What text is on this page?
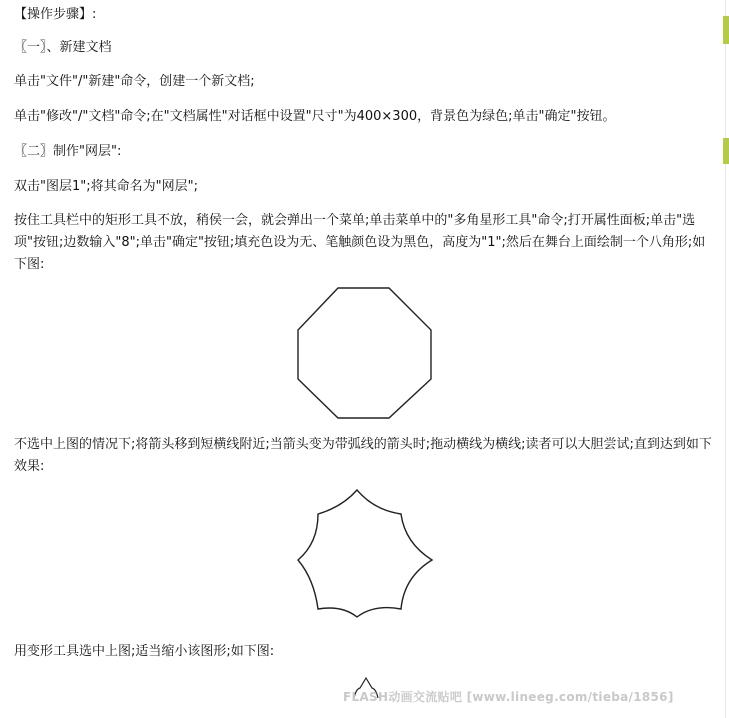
【操作步骤】:

〖一〗、新建文档

单击"文件"/"新建"命令，创建一个新文档;

单击"修改"/"文档"命令;在"文档属性"对话框中设置"尺寸"为400×300，背景色为绿色;单击"确定"按钮。

〖二〗制作"网层":

双击"图层1";将其命名为"网层";

按住工具栏中的矩形工具不放，稍侯一会，就会弹出一个菜单;单击菜单中的"多角星形工具"命令;打开属性面板;单击"选项"按钮;边数输入"8";单击"确定"按钮;填充色设为无、笔触颜色设为黑色，高度为"1";然后在舞台上面绘制一个八角形;如下图:

不选中上图的情况下;将箭头移到短横线附近;当箭头变为带弧线的箭头时;拖动横线为横线;读者可以大胆尝试;直到达到如下效果:

用变形工具选中上图;适当缩小该图形;如下图:

FLASH动画交流贴吧 [www.lineeg.com/tieba/1856]
